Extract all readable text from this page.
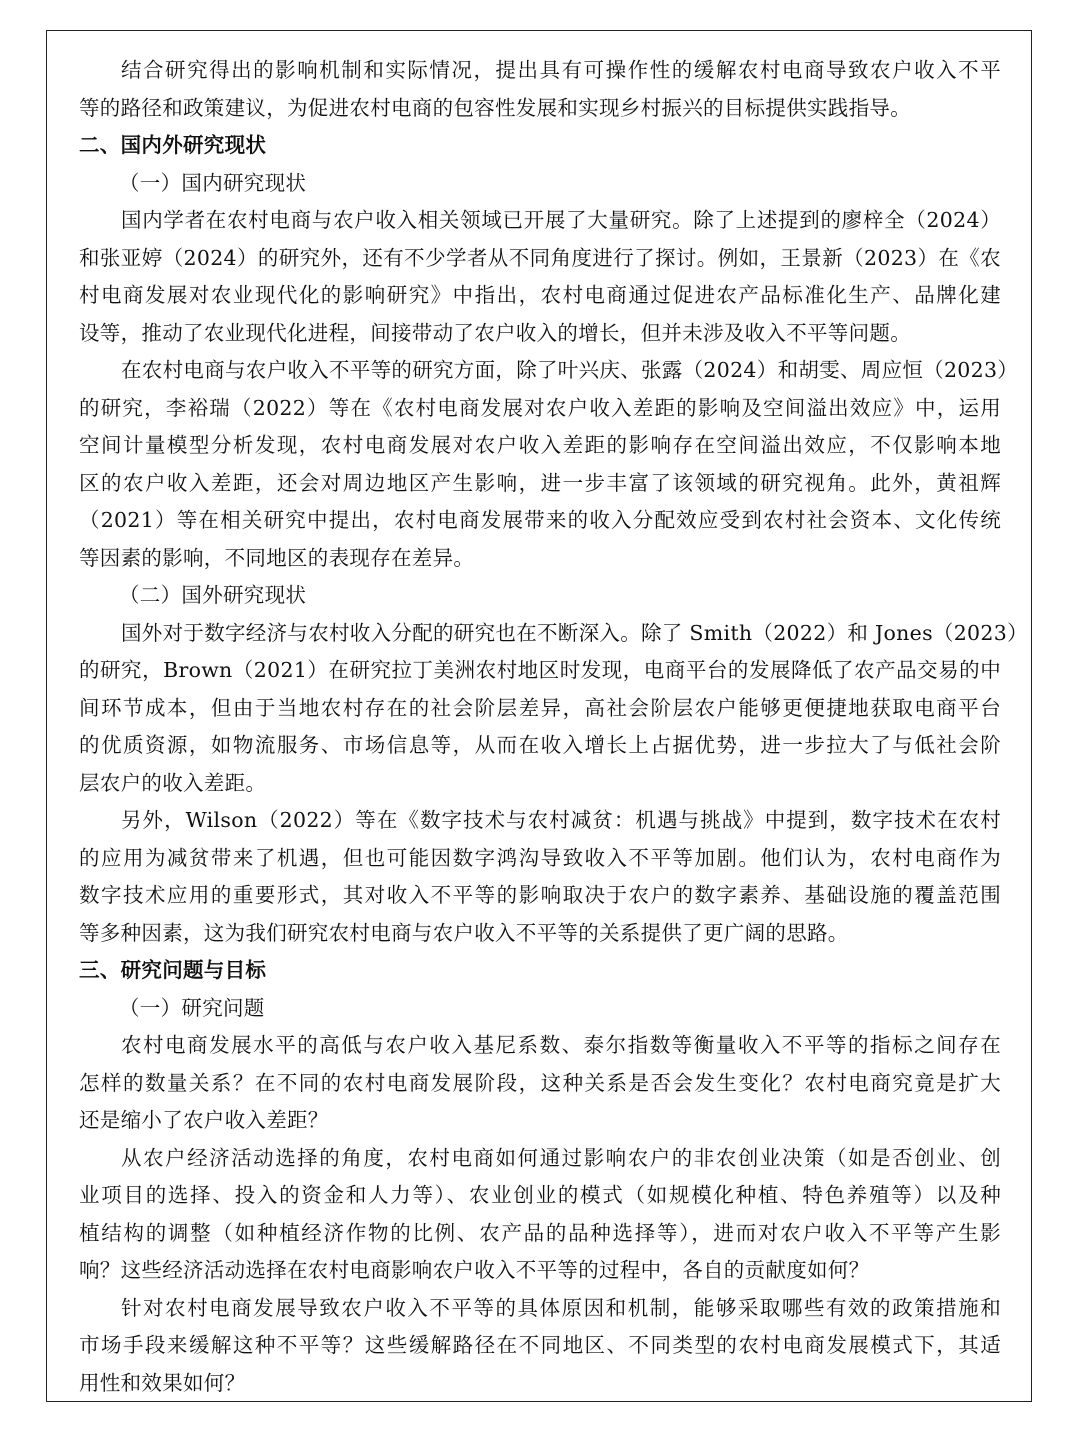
结合研究得出的影响机制和实际情况，提出具有可操作性的缓解农村电商导致农户收入不平
等的路径和政策建议，为促进农村电商的包容性发展和实现乡村振兴的目标提供实践指导。
二、国内外研究现状
（一）国内研究现状
国内学者在农村电商与农户收入相关领域已开展了大量研究。除了上述提到的廖梓全（2024）
和张亚婷（2024）的研究外，还有不少学者从不同角度进行了探讨。例如，王景新（2023）在《农
村电商发展对农业现代化的影响研究》中指出，农村电商通过促进农产品标准化生产、品牌化建
设等，推动了农业现代化进程，间接带动了农户收入的增长，但并未涉及收入不平等问题。
在农村电商与农户收入不平等的研究方面，除了叶兴庆、张露（2024）和胡雯、周应恒（2023）
的研究，李裕瑞（2022）等在《农村电商发展对农户收入差距的影响及空间溢出效应》中，运用
空间计量模型分析发现，农村电商发展对农户收入差距的影响存在空间溢出效应，不仅影响本地
区的农户收入差距，还会对周边地区产生影响，进一步丰富了该领域的研究视角。此外，黄祖辉
（2021）等在相关研究中提出，农村电商发展带来的收入分配效应受到农村社会资本、文化传统
等因素的影响，不同地区的表现存在差异。
（二）国外研究现状
国外对于数字经济与农村收入分配的研究也在不断深入。除了 Smith（2022）和 Jones（2023）
的研究，Brown（2021）在研究拉丁美洲农村地区时发现，电商平台的发展降低了农产品交易的中
间环节成本，但由于当地农村存在的社会阶层差异，高社会阶层农户能够更便捷地获取电商平台
的优质资源，如物流服务、市场信息等，从而在收入增长上占据优势，进一步拉大了与低社会阶
层农户的收入差距。
另外，Wilson（2022）等在《数字技术与农村减贫：机遇与挑战》中提到，数字技术在农村
的应用为减贫带来了机遇，但也可能因数字鸿沟导致收入不平等加剧。他们认为，农村电商作为
数字技术应用的重要形式，其对收入不平等的影响取决于农户的数字素养、基础设施的覆盖范围
等多种因素，这为我们研究农村电商与农户收入不平等的关系提供了更广阔的思路。
三、研究问题与目标
（一）研究问题
农村电商发展水平的高低与农户收入基尼系数、泰尔指数等衡量收入不平等的指标之间存在
怎样的数量关系？在不同的农村电商发展阶段，这种关系是否会发生变化？农村电商究竟是扩大
还是缩小了农户收入差距？
从农户经济活动选择的角度，农村电商如何通过影响农户的非农创业决策（如是否创业、创
业项目的选择、投入的资金和人力等）、农业创业的模式（如规模化种植、特色养殖等）以及种
植结构的调整（如种植经济作物的比例、农产品的品种选择等），进而对农户收入不平等产生影
响？这些经济活动选择在农村电商影响农户收入不平等的过程中，各自的贡献度如何？
针对农村电商发展导致农户收入不平等的具体原因和机制，能够采取哪些有效的政策措施和
市场手段来缓解这种不平等？这些缓解路径在不同地区、不同类型的农村电商发展模式下，其适
用性和效果如何？
